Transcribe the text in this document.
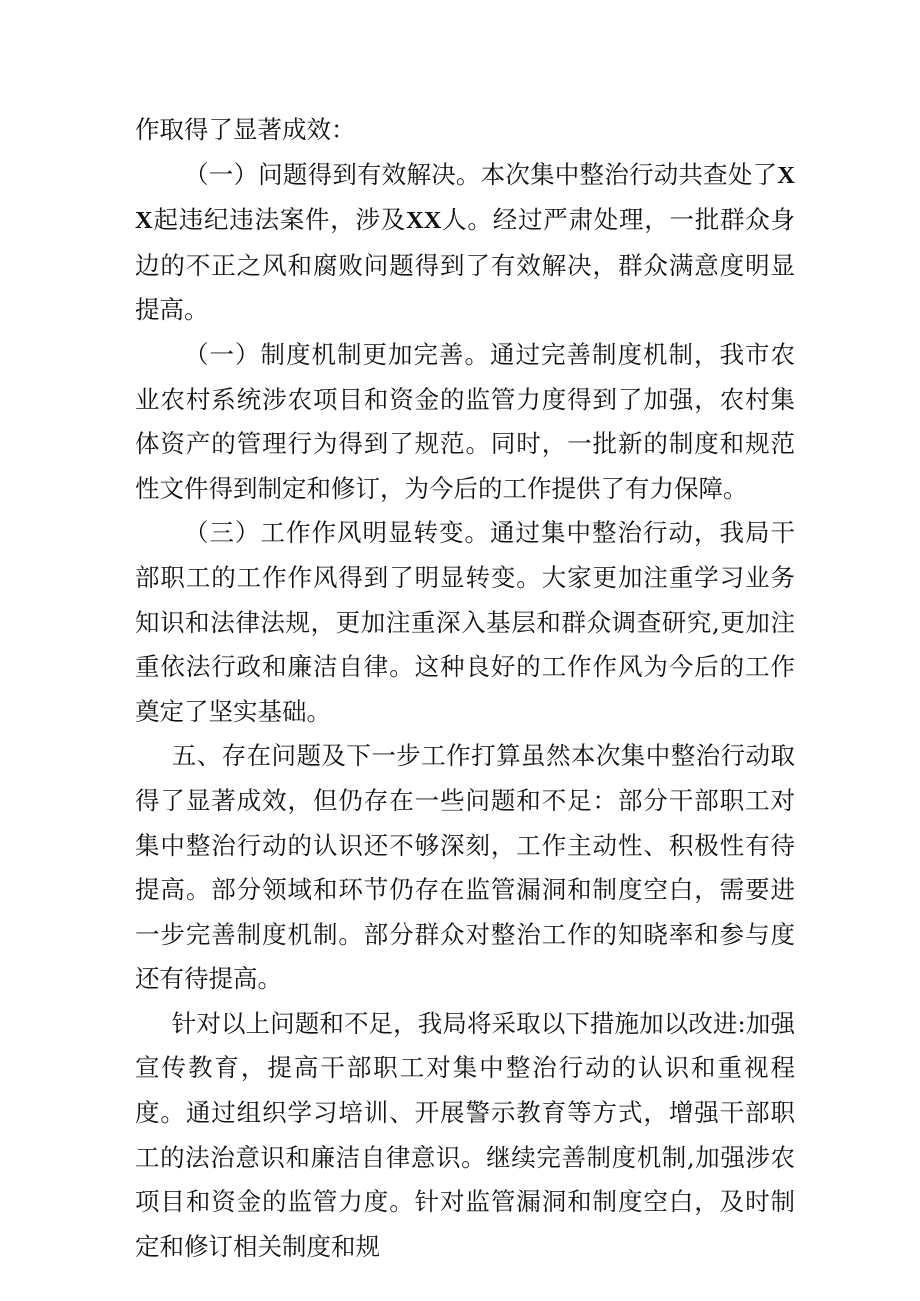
作取得了显著成效：

（一）问题得到有效解决。本次集中整治行动共查处了XX起违纪违法案件，涉及XX人。经过严肃处理，一批群众身边的不正之风和腐败问题得到了有效解决，群众满意度明显提高。

（一）制度机制更加完善。通过完善制度机制，我市农业农村系统涉农项目和资金的监管力度得到了加强，农村集体资产的管理行为得到了规范。同时，一批新的制度和规范性文件得到制定和修订，为今后的工作提供了有力保障。

（三）工作作风明显转变。通过集中整治行动，我局干部职工的工作作风得到了明显转变。大家更加注重学习业务知识和法律法规，更加注重深入基层和群众调查研究,更加注重依法行政和廉洁自律。这种良好的工作作风为今后的工作奠定了坚实基础。

五、存在问题及下一步工作打算虽然本次集中整治行动取得了显著成效，但仍存在一些问题和不足：部分干部职工对集中整治行动的认识还不够深刻，工作主动性、积极性有待提高。部分领域和环节仍存在监管漏洞和制度空白，需要进一步完善制度机制。部分群众对整治工作的知晓率和参与度还有待提高。

针对以上问题和不足，我局将采取以下措施加以改进:加强宣传教育，提高干部职工对集中整治行动的认识和重视程度。通过组织学习培训、开展警示教育等方式，增强干部职工的法治意识和廉洁自律意识。继续完善制度机制,加强涉农项目和资金的监管力度。针对监管漏洞和制度空白，及时制定和修订相关制度和规
